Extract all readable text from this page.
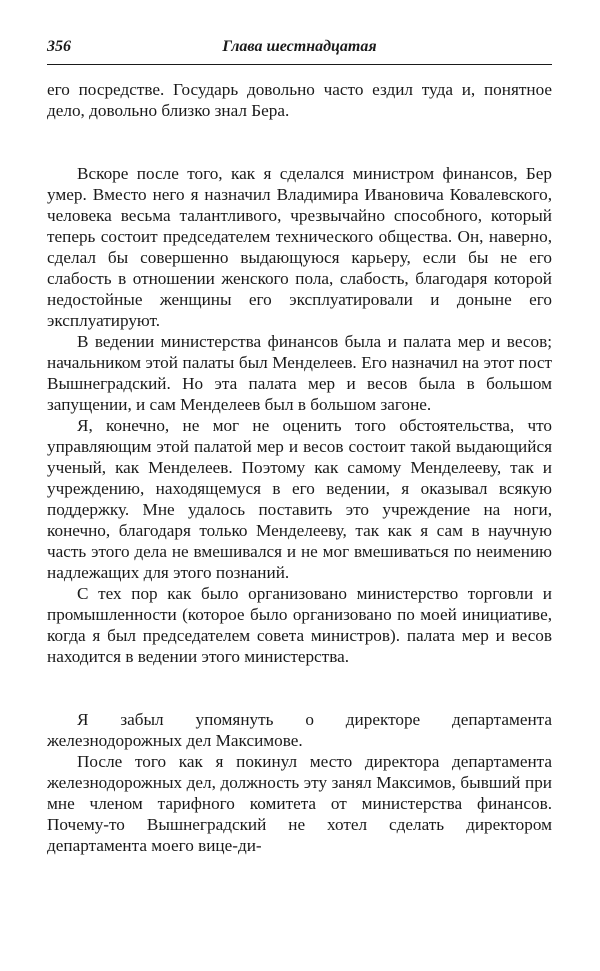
356	Глава шестнадцатая

его посредстве. Государь довольно часто ездил туда и, понятное дело, довольно близко знал Бера.

Вскоре после того, как я сделался министром финансов, Бер умер. Вместо него я назначил Владимира Ивановича Ковалевского, человека весьма талантливого, чрезвычайно способного, который теперь состоит председателем технического общества. Он, наверно, сделал бы совершенно выдающуюся карьеру, если бы не его слабость в отношении женского пола, слабость, благодаря которой недостойные женщины его эксплуатировали и доныне его эксплуатируют.

В ведении министерства финансов была и палата мер и весов; начальником этой палаты был Менделеев. Его назначил на этот пост Вышнеградский. Но эта палата мер и весов была в большом запущении, и сам Менделеев был в большом загоне.

Я, конечно, не мог не оценить того обстоятельства, что управляющим этой палатой мер и весов состоит такой выдающийся ученый, как Менделеев. Поэтому как самому Менделееву, так и учреждению, находящемуся в его ведении, я оказывал всякую поддержку. Мне удалось поставить это учреждение на ноги, конечно, благодаря только Менделееву, так как я сам в научную часть этого дела не вмешивался и не мог вмешиваться по неимению надлежащих для этого познаний.

С тех пор как было организовано министерство торговли и промышленности (которое было организовано по моей инициативе, когда я был председателем совета министров). палата мер и весов находится в ведении этого министерства.

Я забыл упомянуть о директоре департамента железнодорожных дел Максимове.

После того как я покинул место директора департамента железнодорожных дел, должность эту занял Максимов, бывший при мне членом тарифного комитета от министерства финансов. Почему-то Вышнеградский не хотел сделать директором департамента моего вице-ди-
